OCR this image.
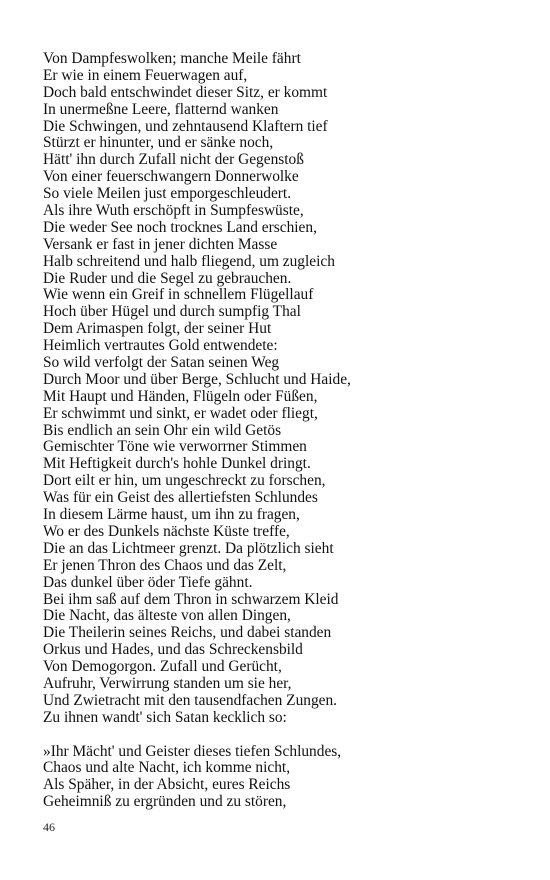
Von Dampfeswolken; manche Meile fährt
Er wie in einem Feuerwagen auf,
Doch bald entschwindet dieser Sitz, er kommt
In unermeßne Leere, flatternd wanken
Die Schwingen, und zehntausend Klaftern tief
Stürzt er hinunter, und er sänke noch,
Hätt' ihn durch Zufall nicht der Gegenstoß
Von einer feuerschwangern Donnerwolke
So viele Meilen just emporgeschleudert.
Als ihre Wuth erschöpft in Sumpfeswüste,
Die weder See noch trocknes Land erschien,
Versank er fast in jener dichten Masse
Halb schreitend und halb fliegend, um zugleich
Die Ruder und die Segel zu gebrauchen.
Wie wenn ein Greif in schnellem Flügellauf
Hoch über Hügel und durch sumpfig Thal
Dem Arimaspen folgt, der seiner Hut
Heimlich vertrautes Gold entwendete:
So wild verfolgt der Satan seinen Weg
Durch Moor und über Berge, Schlucht und Haide,
Mit Haupt und Händen, Flügeln oder Füßen,
Er schwimmt und sinkt, er wadet oder fliegt,
Bis endlich an sein Ohr ein wild Getös
Gemischter Töne wie verworrner Stimmen
Mit Heftigkeit durch's hohle Dunkel dringt.
Dort eilt er hin, um ungeschreckt zu forschen,
Was für ein Geist des allertiefsten Schlundes
In diesem Lärme haust, um ihn zu fragen,
Wo er des Dunkels nächste Küste treffe,
Die an das Lichtmeer grenzt. Da plötzlich sieht
Er jenen Thron des Chaos und das Zelt,
Das dunkel über öder Tiefe gähnt.
Bei ihm saß auf dem Thron in schwarzem Kleid
Die Nacht, das älteste von allen Dingen,
Die Theilerin seines Reichs, und dabei standen
Orkus und Hades, und das Schreckensbild
Von Demogorgon. Zufall und Gerücht,
Aufruhr, Verwirrung standen um sie her,
Und Zwietracht mit den tausendfachen Zungen.
Zu ihnen wandt' sich Satan kecklich so:
»Ihr Mächt' und Geister dieses tiefen Schlundes,
Chaos und alte Nacht, ich komme nicht,
Als Späher, in der Absicht, eures Reichs
Geheimniß zu ergründen und zu stören,
46
